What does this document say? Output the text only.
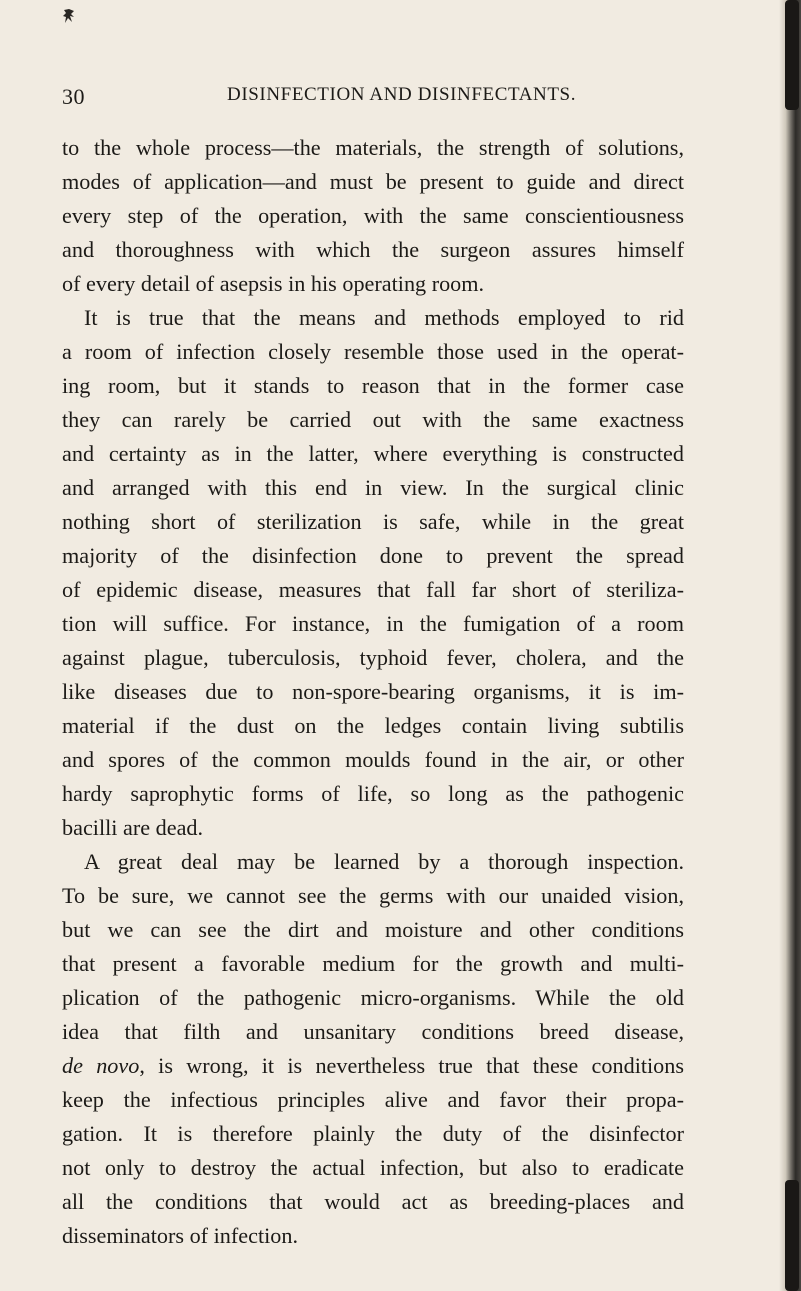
30	DISINFECTION AND DISINFECTANTS.
to the whole process—the materials, the strength of solutions,
modes of application—and must be present to guide and direct
every step of the operation, with the same conscientiousness
and thoroughness with which the surgeon assures himself
of every detail of asepsis in his operating room.
It is true that the means and methods employed to rid
a room of infection closely resemble those used in the operat-
ing room, but it stands to reason that in the former case
they can rarely be carried out with the same exactness
and certainty as in the latter, where everything is constructed
and arranged with this end in view. In the surgical clinic
nothing short of sterilization is safe, while in the great
majority of the disinfection done to prevent the spread
of epidemic disease, measures that fall far short of steriliza-
tion will suffice. For instance, in the fumigation of a room
against plague, tuberculosis, typhoid fever, cholera, and the
like diseases due to non-spore-bearing organisms, it is im-
material if the dust on the ledges contain living subtilis
and spores of the common moulds found in the air, or other
hardy saprophytic forms of life, so long as the pathogenic
bacilli are dead.
A great deal may be learned by a thorough inspection.
To be sure, we cannot see the germs with our unaided vision,
but we can see the dirt and moisture and other conditions
that present a favorable medium for the growth and multi-
plication of the pathogenic micro-organisms. While the old
idea that filth and unsanitary conditions breed disease,
de novo, is wrong, it is nevertheless true that these conditions
keep the infectious principles alive and favor their propa-
gation. It is therefore plainly the duty of the disinfector
not only to destroy the actual infection, but also to eradicate
all the conditions that would act as breeding-places and
disseminators of infection.
